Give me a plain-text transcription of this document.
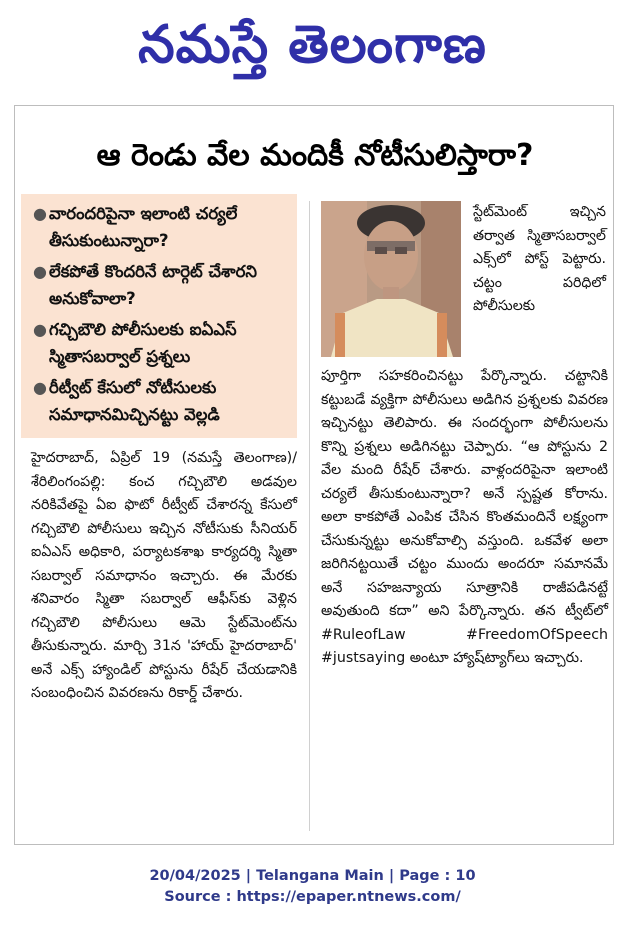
నమస్తే తెలంగాణ
ఆ రెండు వేల మందికీ నోటీసులిస్తారా?
● వారందరిపైనా ఇలాంటి చర్యలే తీసుకుంటున్నారా?
● లేకపోతే కొందరినే టార్గెట్ చేశారని అనుకోవాలా?
● గచ్చిబౌలి పోలీసులకు ఐఏఎస్ స్మితాసబర్వాల్ ప్రశ్నలు
● రీట్వీట్ కేసులో నోటీసులకు సమాధానమిచ్చినట్టు వెల్లడి
హైదరాబాద్, ఏప్రిల్ 19 (నమస్తే తెలంగాణ)/శేరిలింగంపల్లి: కంచ గచ్చిబౌలి అడవుల నరికివేతపై ఏఐ ఫొటో రీట్వీట్ చేశారన్న కేసులో గచ్చిబౌలి పోలీసులు ఇచ్చిన నోటీసుకు సీనియర్ ఐఏఎస్ అధికారి, పర్యాటకశాఖ కార్యదర్శి స్మితా సబర్వాల్ సమాధానం ఇచ్చారు. ఈ మేరకు శనివారం స్మితా సబర్వాల్ ఆఫీస్‌కు వెళ్లిన గచ్చిబౌలి పోలీసులు ఆమె స్టేట్‌మెంట్‌ను తీసుకున్నారు. మార్చి 31న 'హాయ్ హైదరాబాద్' అనే ఎక్స్ హ్యాండిల్ పోస్టును రీషేర్ చేయడానికి సంబంధించిన వివరణను రికార్డ్ చేశారు.
స్టేట్‌మెంట్ ఇచ్చిన తర్వాత స్మితాసబర్వాల్ ఎక్స్‌లో పోస్ట్ పెట్టారు. చట్టం పరిధిలో పోలీసులకు
పూర్తిగా సహకరించినట్టు పేర్కొన్నారు. చట్టానికి కట్టుబడే వ్యక్తిగా పోలీసులు అడిగిన ప్రశ్నలకు వివరణ ఇచ్చినట్టు తెలిపారు. ఈ సందర్భంగా పోలీసులను కొన్ని ప్రశ్నలు అడిగినట్టు చెప్పారు. “ఆ పోస్టును 2 వేల మంది రీషేర్ చేశారు. వాళ్లందరిపైనా ఇలాంటి చర్యలే తీసుకుంటున్నారా? అనే స్పష్టత కోరాను. అలా కాకపోతే ఎంపిక చేసిన కొంతమందినే లక్ష్యంగా చేసుకున్నట్టు అనుకోవాల్సి వస్తుంది. ఒకవేళ అలా జరిగినట్టయితే చట్టం ముందు అందరూ సమానమే అనే సహజన్యాయ సూత్రానికి రాజీపడినట్టే అవుతుంది కదా” అని పేర్కొన్నారు. తన ట్వీట్‌లో #RuleofLaw #FreedomOfSpeech #justsaying అంటూ హ్యాష్‌ట్యాగ్‌లు ఇచ్చారు.
20/04/2025 | Telangana Main | Page : 10
Source : https://epaper.ntnews.com/
